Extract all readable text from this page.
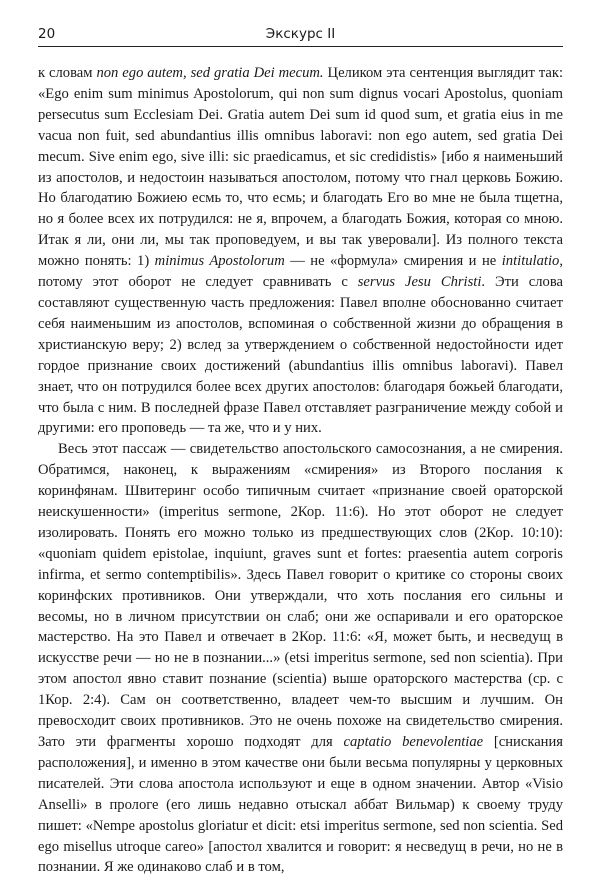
20	Экскурс II

к словам non ego autem, sed gratia Dei mecum. Целиком эта сентенция выглядит так: «Ego enim sum minimus Apostolorum, qui non sum dignus vocari Apostolus, quoniam persecutus sum Ecclesiam Dei. Gratia autem Dei sum id quod sum, et gratia eius in me vacua non fuit, sed abundantius illis omnibus laboravi: non ego autem, sed gratia Dei mecum. Sive enim ego, sive illi: sic praedicamus, et sic credidistis» [ибо я наименьший из апостолов, и недостоин называться апостолом, потому что гнал церковь Божию. Но благодатию Божиею есмь то, что есмь; и благодать Его во мне не была тщетна, но я более всех их потрудился: не я, впрочем, а благодать Божия, которая со мною. Итак я ли, они ли, мы так проповедуем, и вы так уверовали]. Из полного текста можно понять: 1) minimus Apostolorum — не «формула» смирения и не intitulatio, потому этот оборот не следует сравнивать с servus Jesu Christi. Эти слова составляют существенную часть предложения: Павел вполне обоснованно считает себя наименьшим из апостолов, вспоминая о собственной жизни до обращения в христианскую веру; 2) вслед за утверждением о собственной недостойности идет гордое признание своих достижений (abundantius illis omnibus laboravi). Павел знает, что он потрудился более всех других апостолов: благодаря божьей благодати, что была с ним. В последней фразе Павел отставляет разграничение между собой и другими: его проповедь — та же, что и у них.

Весь этот пассаж — свидетельство апостольского самосознания, а не смирения. Обратимся, наконец, к выражениям «смирения» из Второго послания к коринфянам. Швитеринг особо типичным считает «признание своей ораторской неискушенности» (imperitus sermone, 2Кор. 11:6). Но этот оборот не следует изолировать. Понять его можно только из предшествующих слов (2Кор. 10:10): «quoniam quidem epistolae, inquiunt, graves sunt et fortes: praesentia autem corporis infirma, et sermo contemptibilis». Здесь Павел говорит о критике со стороны своих коринфских противников. Они утверждали, что хоть послания его сильны и весомы, но в личном присутствии он слаб; они же оспаривали и его ораторское мастерство. На это Павел и отвечает в 2Кор. 11:6: «Я, может быть, и несведущ в искусстве речи — но не в познании...» (etsi imperitus sermone, sed non scientia). При этом апостол явно ставит познание (scientia) выше ораторского мастерства (ср. с 1Кор. 2:4). Сам он соответственно, владеет чем-то высшим и лучшим. Он превосходит своих противников. Это не очень похоже на свидетельство смирения. Зато эти фрагменты хорошо подходят для captatio benevolentiae [снискания расположения], и именно в этом качестве они были весьма популярны у церковных писателей. Эти слова апостола используют и еще в одном значении. Автор «Visio Anselli» в прологе (его лишь недавно отыскал аббат Вильмар) к своему труду пишет: «Nempe apostolus gloriatur et dicit: etsi imperitus sermone, sed non scientia. Sed ego misellus utroque careo» [апостол хвалится и говорит: я несведущ в речи, но не в познании. Я же одинаково слаб и в том,
